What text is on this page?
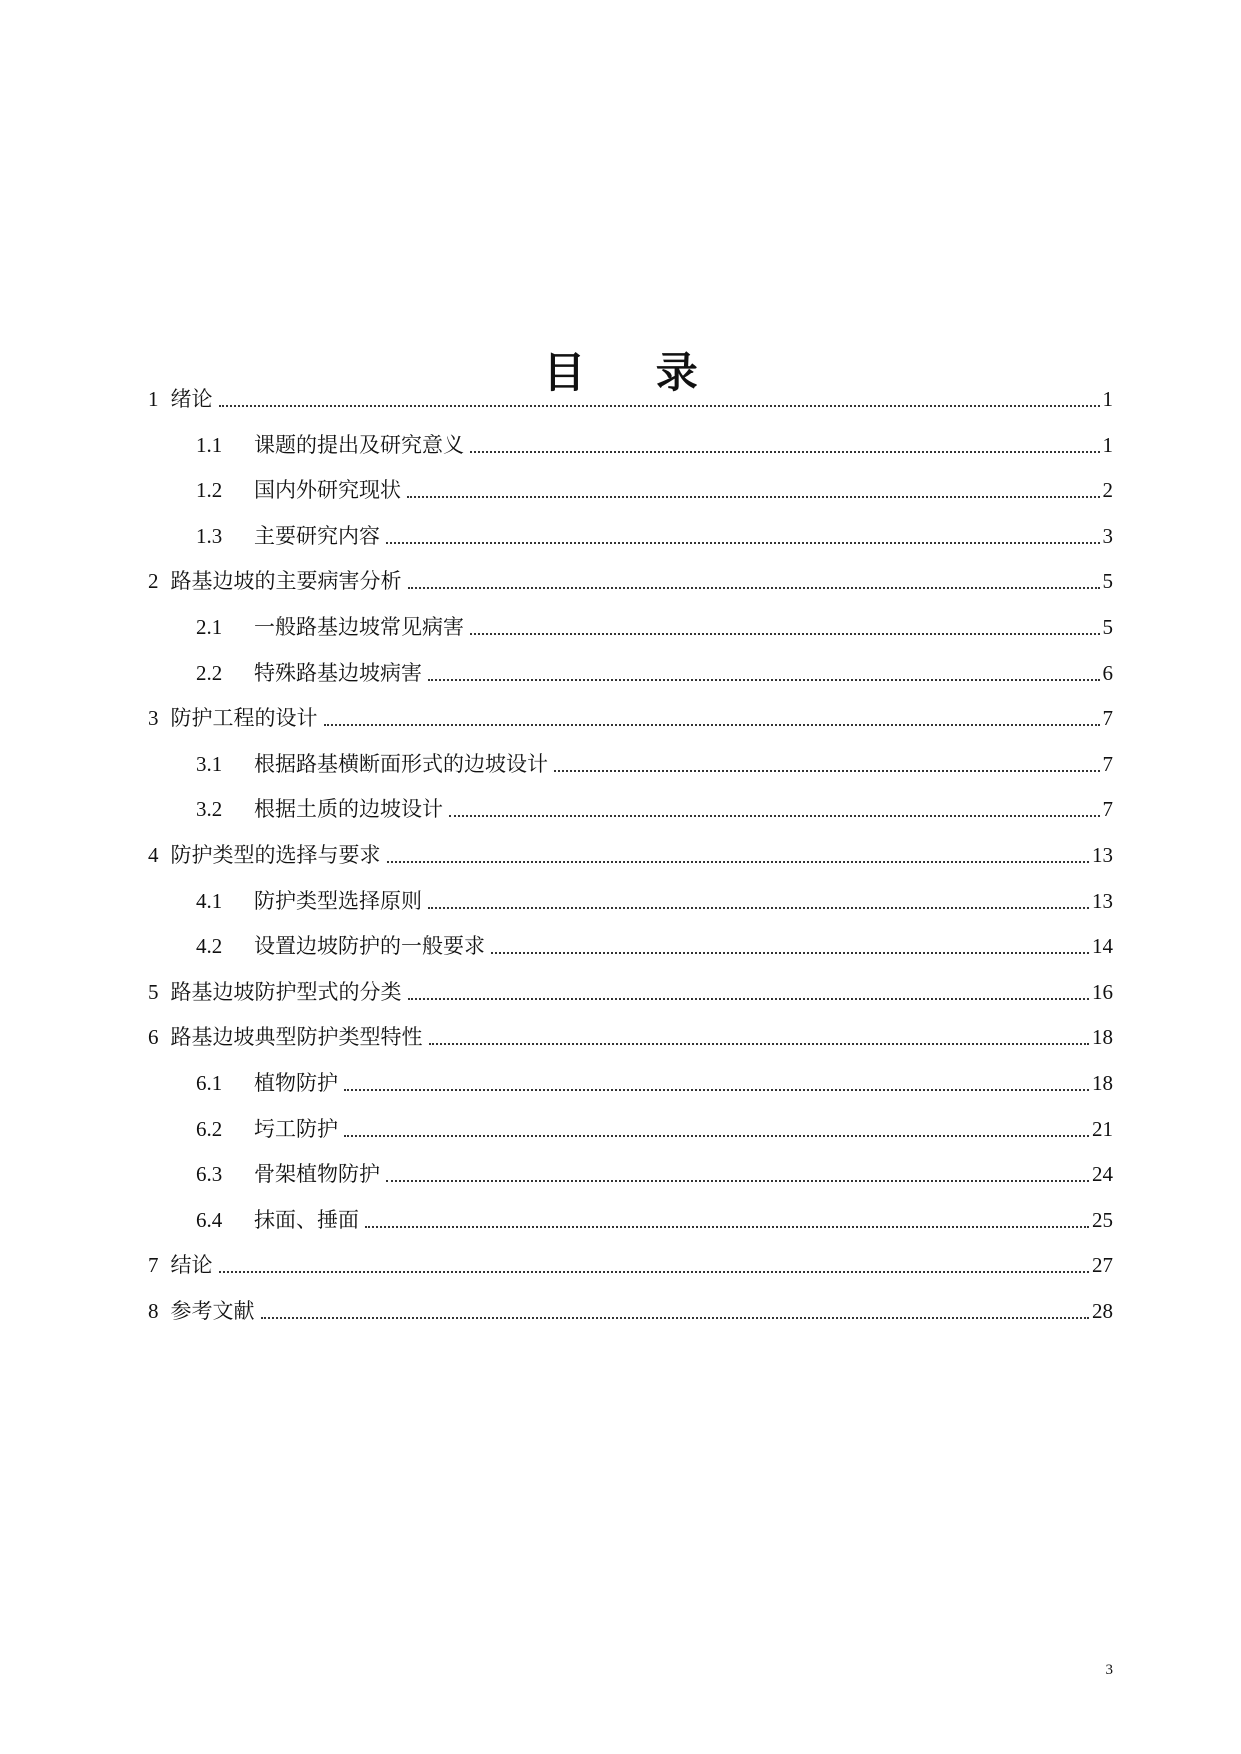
目 录
1 绪论	1
1.1	课题的提出及研究意义	1
1.2	国内外研究现状	2
1.3	主要研究内容	3
2 路基边坡的主要病害分析	5
2.1	一般路基边坡常见病害	5
2.2	特殊路基边坡病害	6
3 防护工程的设计	7
3.1	根据路基横断面形式的边坡设计	7
3.2	根据土质的边坡设计	7
4 防护类型的选择与要求	13
4.1	防护类型选择原则	13
4.2	设置边坡防护的一般要求	14
5 路基边坡防护型式的分类	16
6 路基边坡典型防护类型特性	18
6.1	植物防护	18
6.2	圬工防护	21
6.3	骨架植物防护	24
6.4	抹面、捶面	25
7 结论	27
8 参考文献	28
3
